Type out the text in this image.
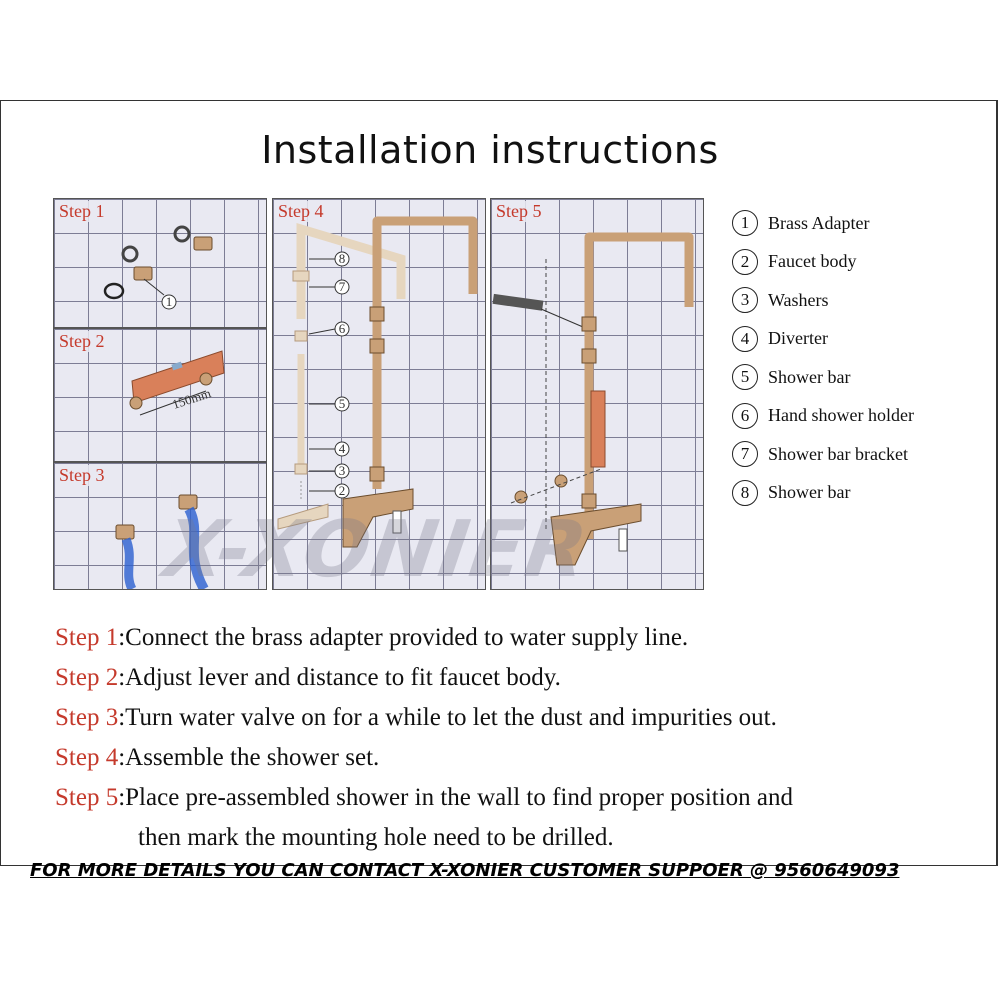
Installation instructions
1
Step 1
150mm
Step 2
Step 3
8
7
6
5
4
3
2
Step 4	Step 5
1	Brass Adapter
2	Faucet body
3	Washers
4	Diverter
5	Shower bar
6	Hand shower holder
7	Shower bar bracket
8	Shower bar
X-XONIER
Step 1:Connect the brass adapter provided to water supply line.
Step 2:Adjust lever and distance to fit faucet body.
Step 3:Turn water valve on for a while to let the dust and impurities out.
Step 4:Assemble the shower set.
Step 5:Place pre-assembled shower in the wall to find proper position and
then mark the mounting hole need to be drilled.
FOR MORE DETAILS YOU CAN CONTACT X-XONIER CUSTOMER SUPPOER @ 9560649093
